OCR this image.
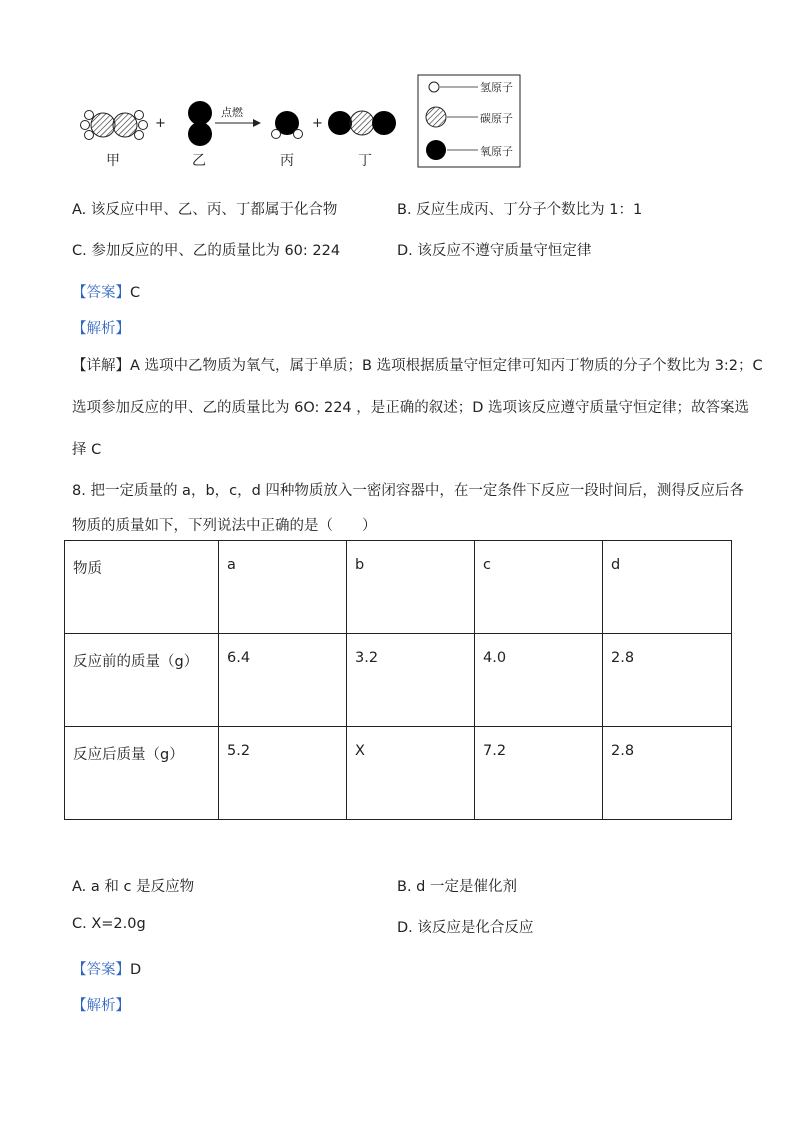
+	+
点燃
甲	乙	丙	丁
氢原子
碳原子
氧原子
A. 该反应中甲、乙、丙、丁都属于化合物	B. 反应生成丙、丁分子个数比为 1：1
C. 参加反应的甲、乙的质量比为 60: 224	D. 该反应不遵守质量守恒定律
【答案】C
【解析】
【详解】A 选项中乙物质为氧气，属于单质；B 选项根据质量守恒定律可知丙丁物质的分子个数比为 3:2；C
选项参加反应的甲、乙的质量比为 6O: 224 ，是正确的叙述；D 选项该反应遵守质量守恒定律；故答案选
择 C
8. 把一定质量的 a，b，c，d 四种物质放入一密闭容器中，在一定条件下反应一段时间后，测得反应后各
物质的质量如下，下列说法中正确的是（　　）
物质	a	b	c	d
反应前的质量（g）	6.4	3.2	4.0	2.8
反应后质量（g）	5.2	X	7.2	2.8
A. a 和 c 是反应物	B. d 一定是催化剂
C. X=2.0g	D. 该反应是化合反应
【答案】D
【解析】
